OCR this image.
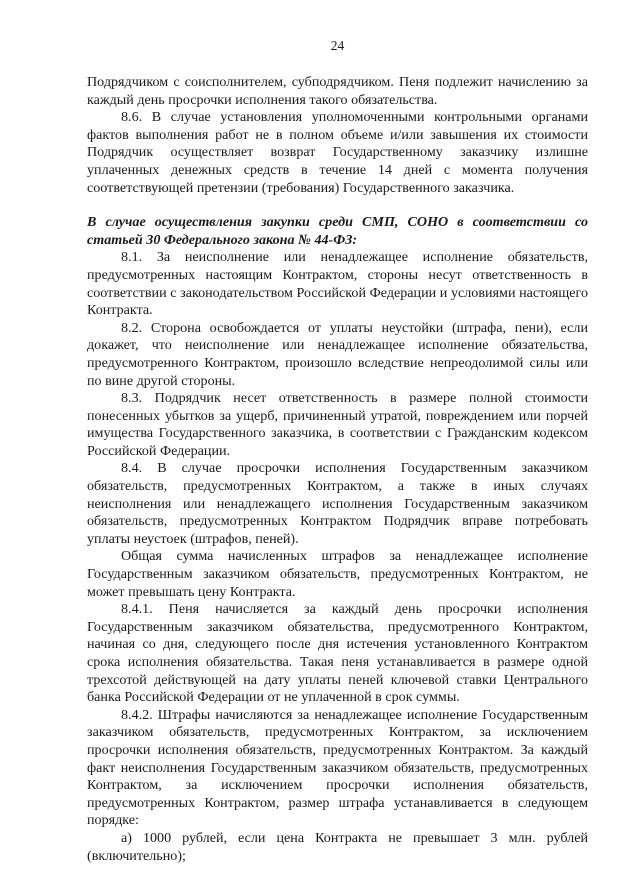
24

Подрядчиком с соисполнителем, субподрядчиком. Пеня подлежит начислению за каждый день просрочки исполнения такого обязательства.

8.6. В случае установления уполномоченными контрольными органами фактов выполнения работ не в полном объеме и/или завышения их стоимости Подрядчик осуществляет возврат Государственному заказчику излишне уплаченных денежных средств в течение 14 дней с момента получения соответствующей претензии (требования) Государственного заказчика.

В случае осуществления закупки среди СМП, СОНО в соответствии со статьей 30 Федерального закона № 44-ФЗ:

8.1. За неисполнение или ненадлежащее исполнение обязательств, предусмотренных настоящим Контрактом, стороны несут ответственность в соответствии с законодательством Российской Федерации и условиями настоящего Контракта.

8.2. Сторона освобождается от уплаты неустойки (штрафа, пени), если докажет, что неисполнение или ненадлежащее исполнение обязательства, предусмотренного Контрактом, произошло вследствие непреодолимой силы или по вине другой стороны.

8.3. Подрядчик несет ответственность в размере полной стоимости понесенных убытков за ущерб, причиненный утратой, повреждением или порчей имущества Государственного заказчика, в соответствии с Гражданским кодексом Российской Федерации.

8.4. В случае просрочки исполнения Государственным заказчиком обязательств, предусмотренных Контрактом, а также в иных случаях неисполнения или ненадлежащего исполнения Государственным заказчиком обязательств, предусмотренных Контрактом Подрядчик вправе потребовать уплаты неустоек (штрафов, пеней).

Общая сумма начисленных штрафов за ненадлежащее исполнение Государственным заказчиком обязательств, предусмотренных Контрактом, не может превышать цену Контракта.

8.4.1. Пеня начисляется за каждый день просрочки исполнения Государственным заказчиком обязательства, предусмотренного Контрактом, начиная со дня, следующего после дня истечения установленного Контрактом срока исполнения обязательства. Такая пеня устанавливается в размере одной трехсотой действующей на дату уплаты пеней ключевой ставки Центрального банка Российской Федерации от не уплаченной в срок суммы.

8.4.2. Штрафы начисляются за ненадлежащее исполнение Государственным заказчиком обязательств, предусмотренных Контрактом, за исключением просрочки исполнения обязательств, предусмотренных Контрактом. За каждый факт неисполнения Государственным заказчиком обязательств, предусмотренных Контрактом, за исключением просрочки исполнения обязательств, предусмотренных Контрактом, размер штрафа устанавливается в следующем порядке:

а) 1000 рублей, если цена Контракта не превышает 3 млн. рублей (включительно);
